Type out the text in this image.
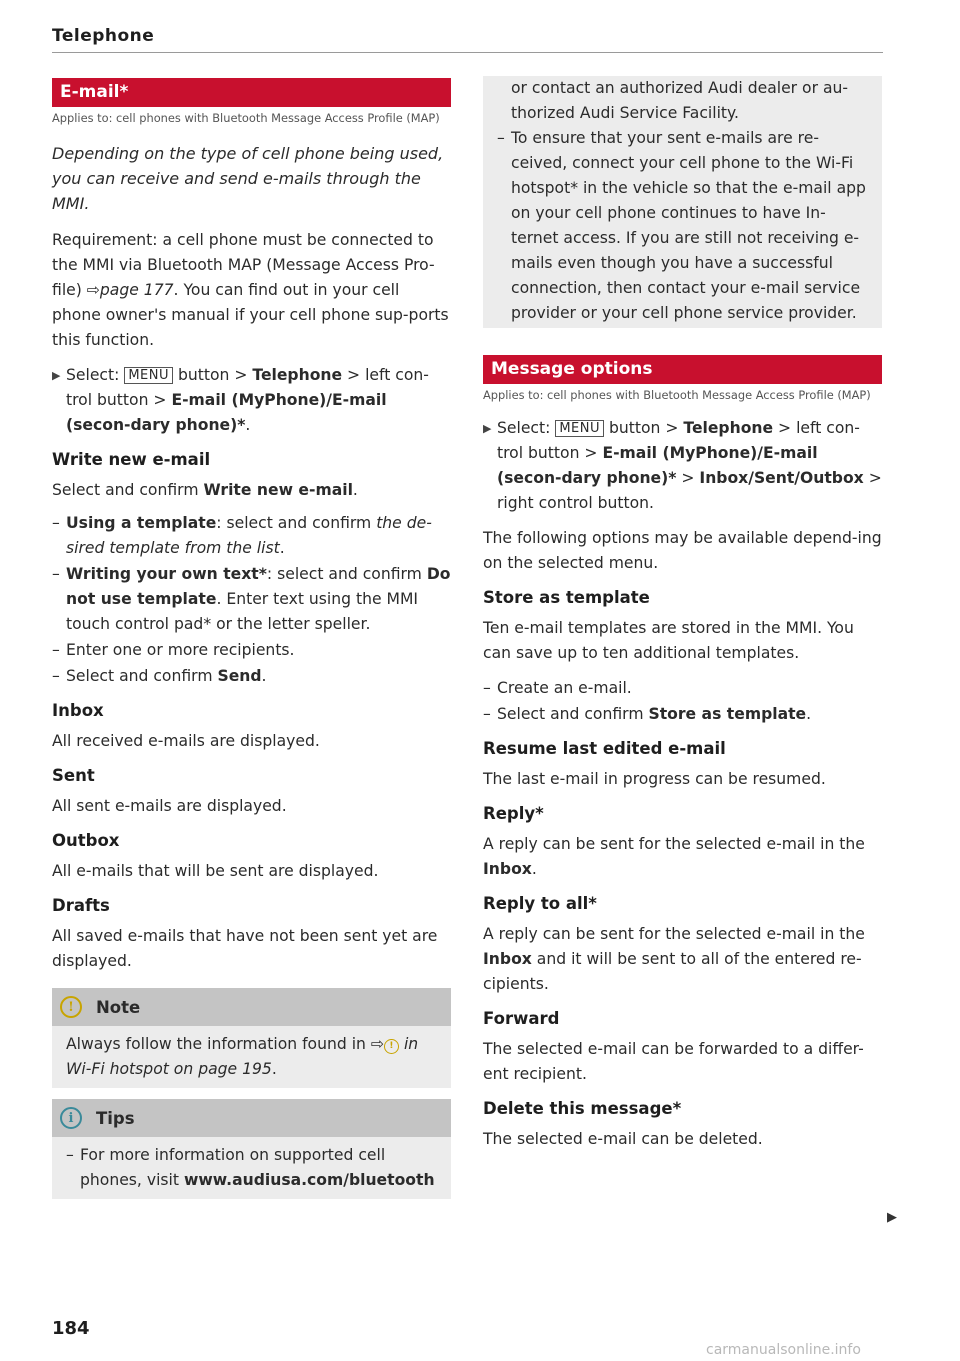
Telephone
E-mail*

Applies to: cell phones with Bluetooth Message Access Profile (MAP)

Depending on the type of cell phone being used, you can receive and send e-mails through the MMI.

Requirement: a cell phone must be connected to the MMI via Bluetooth MAP (Message Access Pro-file) ⇨page 177. You can find out in your cell phone owner's manual if your cell phone sup-ports this function.

▶ Select: MENU button > Telephone > left con-trol button > E-mail (MyPhone)/E-mail (secon-dary phone)*.

Write new e-mail

Select and confirm Write new e-mail.

– Using a template: select and confirm the de-sired template from the list.
– Writing your own text*: select and confirm Do not use template. Enter text using the MMI touch control pad* or the letter speller.
– Enter one or more recipients.
– Select and confirm Send.
Inbox

All received e-mails are displayed.

Sent

All sent e-mails are displayed.

Outbox

All e-mails that will be sent are displayed.

Drafts

All saved e-mails that have not been sent yet are displayed.

!	Note
Always follow the information found in ⇨ ! in Wi-Fi hotspot on page 195.
i	Tips
– For more information on supported cell phones, visit www.audiusa.com/bluetooth

or contact an authorized Audi dealer or au-thorized Audi Service Facility.

– To ensure that your sent e-mails are re-ceived, connect your cell phone to the Wi-Fi hotspot* in the vehicle so that the e-mail app on your cell phone continues to have In-ternet access. If you are still not receiving e-mails even though you have a successful connection, then contact your e-mail service provider or your cell phone service provider.
Message options

Applies to: cell phones with Bluetooth Message Access Profile (MAP)

▶ Select: MENU button > Telephone > left con-trol button > E-mail (MyPhone)/E-mail (secon-dary phone)* > Inbox/Sent/Outbox > right control button.

The following options may be available depend-ing on the selected menu.

Store as template

Ten e-mail templates are stored in the MMI. You can save up to ten additional templates.

– Create an e-mail.
– Select and confirm Store as template.
Resume last edited e-mail

The last e-mail in progress can be resumed.

Reply*

A reply can be sent for the selected e-mail in the Inbox.

Reply to all*

A reply can be sent for the selected e-mail in the Inbox and it will be sent to all of the entered re-cipients.

Forward

The selected e-mail can be forwarded to a differ-ent recipient.

Delete this message*

The selected e-mail can be deleted.

▶
184
carmanualsonline.info
